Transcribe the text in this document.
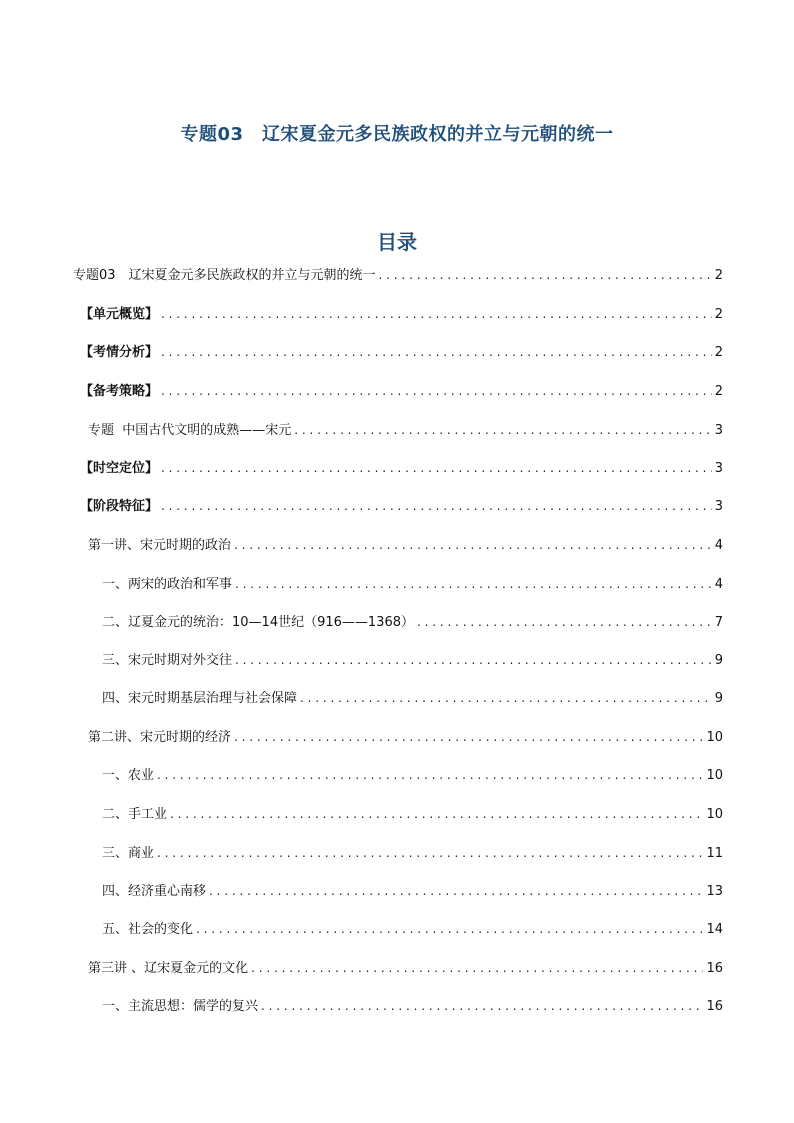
专题03　辽宋夏金元多民族政权的并立与元朝的统一
目录
专题03　辽宋夏金元多民族政权的并立与元朝的统一 . . .	2
【单元概览】 . . .	2
【考情分析】 . . .	2
【备考策略】 . . .	2
专题  中国古代文明的成熟——宋元 . . .	3
【时空定位】 . . .	3
【阶段特征】 . . .	3
第一讲、宋元时期的政治 . . .	4
一、两宋的政治和军事 . . .	4
二、辽夏金元的统治：10—14世纪（916——1368） . . .	7
三、宋元时期对外交往 . . .	9
四、宋元时期基层治理与社会保障 . . .	9
第二讲、宋元时期的经济 . . .	10
一、农业 . . .	10
二、手工业 . . .	10
三、商业 . . .	11
四、经济重心南移 . . .	13
五、社会的变化 . . .	14
第三讲 、辽宋夏金元的文化 . . .	16
一、主流思想：儒学的复兴 . . .	16
